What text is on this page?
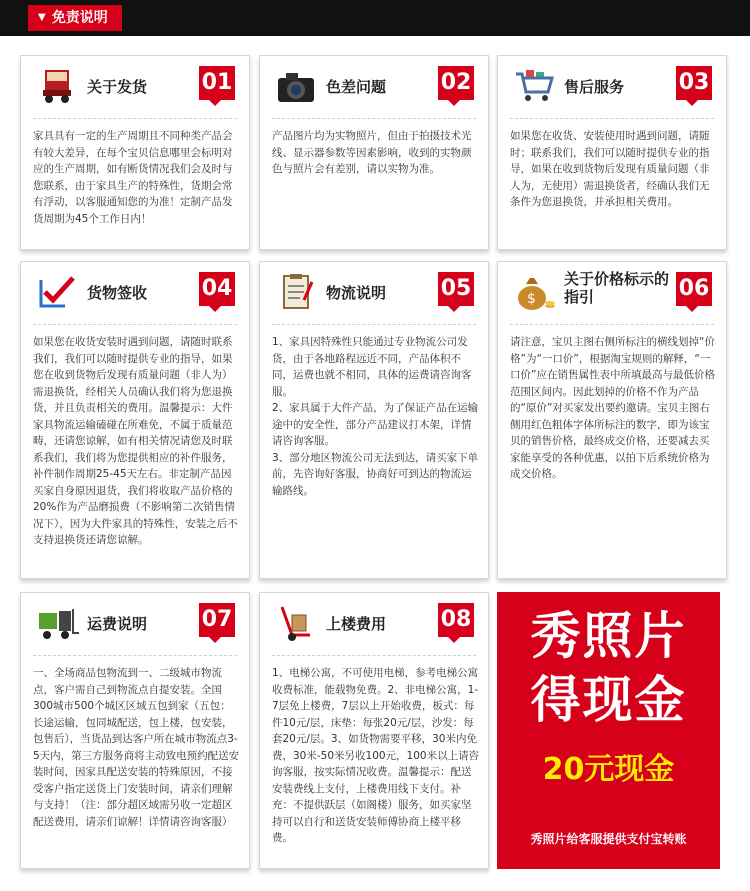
▼ 免责说明
关于发货 01

家具具有一定的生产周期且不同种类产品会有较大差异，在每个宝贝信息哪里会标明对应的生产周期，如有断货情况我们会及时与您联系，由于家具生产的特殊性，货期会常有浮动，以客服通知您的为准！定制产品发货周期为45个工作日内！

色差问题 02

产品图片均为实物照片，但由于拍摄技术光线、显示器参数等因素影响，收到的实物颜色与照片会有差别，请以实物为准。

售后服务 03

如果您在收货、安装使用时遇到问题，请随时；联系我们，我们可以随时提供专业的指导，如果在收到货物后发现有质量问题（非人为，无使用）需退换货者，经确认我们无条件为您退换货，并承担相关费用。

货物签收 04

如果您在收货安装时遇到问题，请随时联系我们，我们可以随时提供专业的指导，如果您在收到货物后发现有质量问题（非人为）需退换货，经相关人员确认我们将为您退换货，并且负责相关的费用。温馨提示：大件家具物流运输磕碰在所难免，不属于质量范畴，还请您谅解，如有相关情况请您及时联系我们，我们将为您提供相应的补件服务，补件制作周期25-45天左右。非定制产品因买家自身原因退货，我们将收取产品价格的20%作为产品磨损费（不影响第二次销售情况下），因为大件家具的特殊性，安装之后不支持退换货还请您谅解。

物流说明 05

1、家具因特殊性只能通过专业物流公司发货，由于各地路程远近不同，产品体积不同，运费也就不相同，具体的运费请咨询客服。

2、家具属于大件产品，为了保证产品在运输途中的安全性，部分产品建议打木架，详情请咨询客服。

3、部分地区物流公司无法到达，请买家下单前，先咨询好客服，协商好可到达的物流运输路线。

$
关于价格标示的指引	06

请注意，宝贝主图右侧所标注的横线划掉“价格”为“一口价”，根据淘宝规则的解释，“一口价”应在销售属性表中所填最高与最低价格范围区间内。因此划掉的价格不作为产品的“原价”对买家发出要约邀请。宝贝主图右侧用红色粗体字体所标注的数字，即为该宝贝的销售价格，最终成交价格，还要减去买家能享受的各种优惠，以拍下后系统价格为成交价格。

运费说明 07

一、全场商品包物流到一、二级城市物流点，客户需自己到物流点自提安装。全国300城市500个城区区域五包到家（五包：长途运输，包同城配送，包上楼，包安装，包售后），当货品到达客户所在城市物流点3-5天内，第三方服务商将主动致电预约配送安装时间，因家具配送安装的特殊原因，不接受客户指定送货上门安装时间，请亲们理解与支持！（注：部分超区域需另收一定超区配送费用，请亲们谅解！详情请咨询客服）

上楼费用 08

1、电梯公寓，不可使用电梯，参考电梯公寓收费标准，能载物免费。2、非电梯公寓，1-7层免上楼费，7层以上开始收费，板式：每件10元/层，床垫：每张20元/层，沙发：每套20元/层。3、如货物需要平移，30米内免费，30米-50米另收100元，100米以上请咨询客服，按实际情况收费。温馨提示：配送安装费线上支付，上楼费用线下支付。补充：不提供跃层（如阁楼）服务，如买家坚持可以自行和送货安装师傅协商上楼平移费。

秀照片
得现金
20元现金
秀照片给客服提供支付宝转账
